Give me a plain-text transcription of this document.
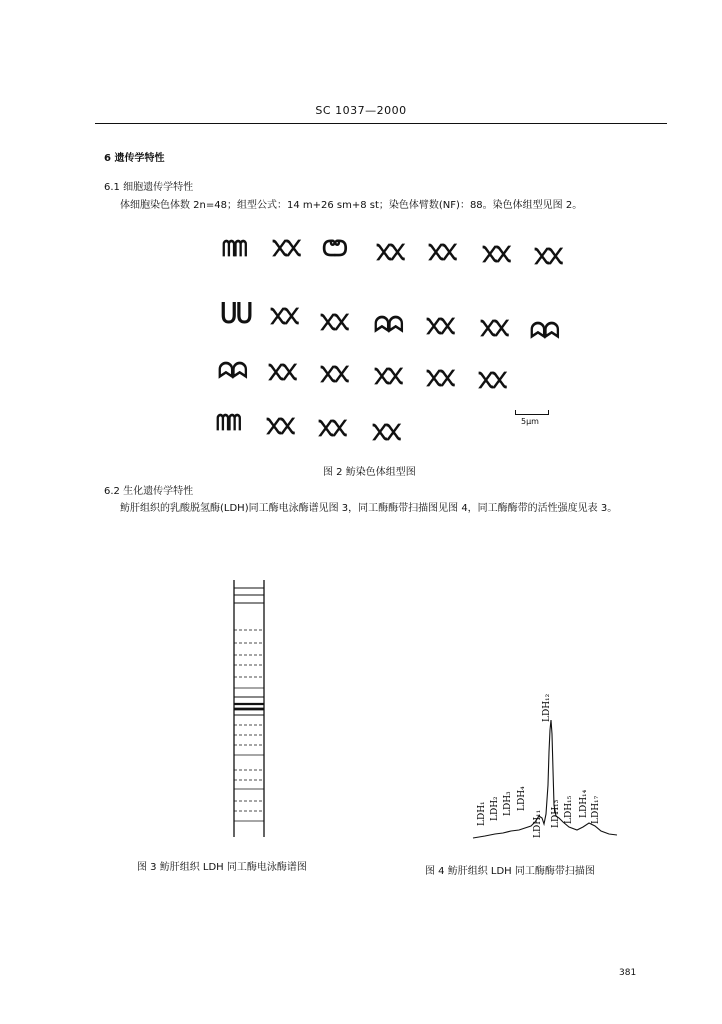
SC 1037—2000
6 遗传学特性
6.1 细胞遗传学特性
体细胞染色体数 2n=48；组型公式：14 m+26 sm+8 st；染色体臂数(NF)：88。染色体组型见图 2。
ᗰᗰ ᙭᙭ ᕦᕤ ᙭᙭ ᙭᙭ ᙭᙭ ᙭᙭
ᑌᑌ ᙭᙭ ᙭᙭ ᗣᗣ ᙭᙭ ᙭᙭ ᗣᗣ
ᗣᗣ ᙭᙭ ᙭᙭ ᙭᙭ ᙭᙭ ᙭᙭
ᗰᗰ ᙭᙭ ᙭᙭ ᙭᙭	5μm
图 2 鲂染色体组型图
6.2 生化遗传学特性
鲂肝组织的乳酸脱氢酶(LDH)同工酶电泳酶谱见图 3，同工酶酶带扫描图见图 4，同工酶酶带的活性强度见表 3。
图 3 鲂肝组织 LDH 同工酶电泳酶谱图
LDH₁ LDH₂ LDH₃ LDH₄
LDH₁₁
LDH₁₂
LDH₁₃ LDH₁₅ LDH₁₄ LDH₁₇
图 4 鲂肝组织 LDH 同工酶酶带扫描图
381
